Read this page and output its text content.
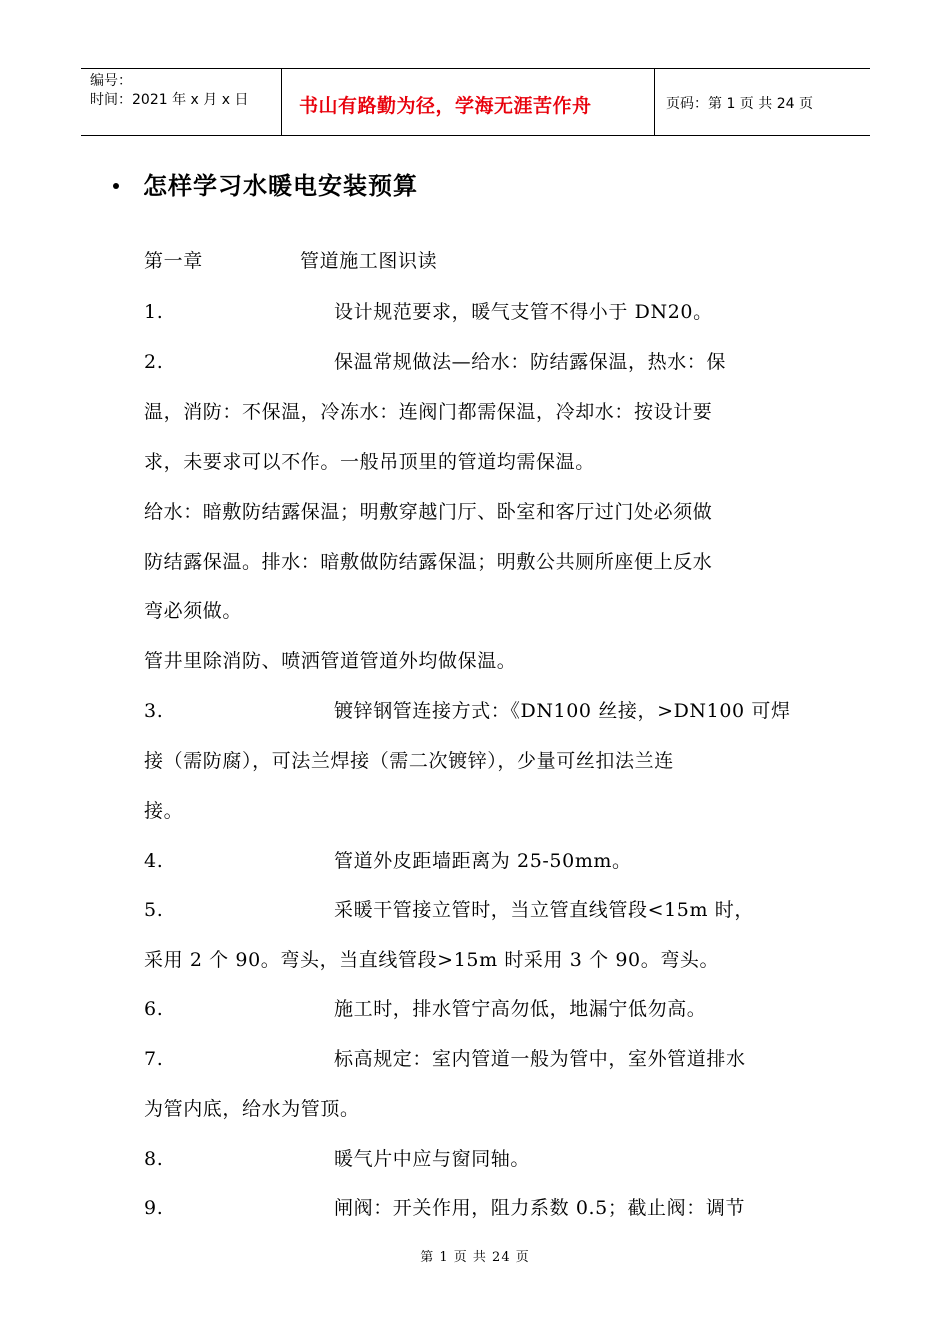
编号：
时间：2021 年 x 月 x 日	书山有路勤为径，学海无涯苦作舟	页码：第 1 页 共 24 页
怎样学习水暖电安装预算
第一章	管道施工图识读
1.	设计规范要求，暖气支管不得小于 DN20。
2.	保温常规做法—给水：防结露保温，热水：保
温，消防：不保温，冷冻水：连阀门都需保温，冷却水：按设计要
求，未要求可以不作。一般吊顶里的管道均需保温。
给水：暗敷防结露保温；明敷穿越门厅、卧室和客厅过门处必须做
防结露保温。排水：暗敷做防结露保温；明敷公共厕所座便上反水
弯必须做。
管井里除消防、喷洒管道管道外均做保温。
3.	镀锌钢管连接方式：《DN100 丝接，>DN100 可焊
接（需防腐），可法兰焊接（需二次镀锌），少量可丝扣法兰连
接。
4.	管道外皮距墙距离为 25-50mm。
5.	采暖干管接立管时，当立管直线管段<15m 时，
采用 2 个 90。弯头，当直线管段>15m 时采用 3 个 90。弯头。
6.	施工时，排水管宁高勿低，地漏宁低勿高。
7.	标高规定：室内管道一般为管中，室外管道排水
为管内底，给水为管顶。
8.	暖气片中应与窗同轴。
9.	闸阀：开关作用，阻力系数 0.5；截止阀：调节
第 1 页 共 24 页
